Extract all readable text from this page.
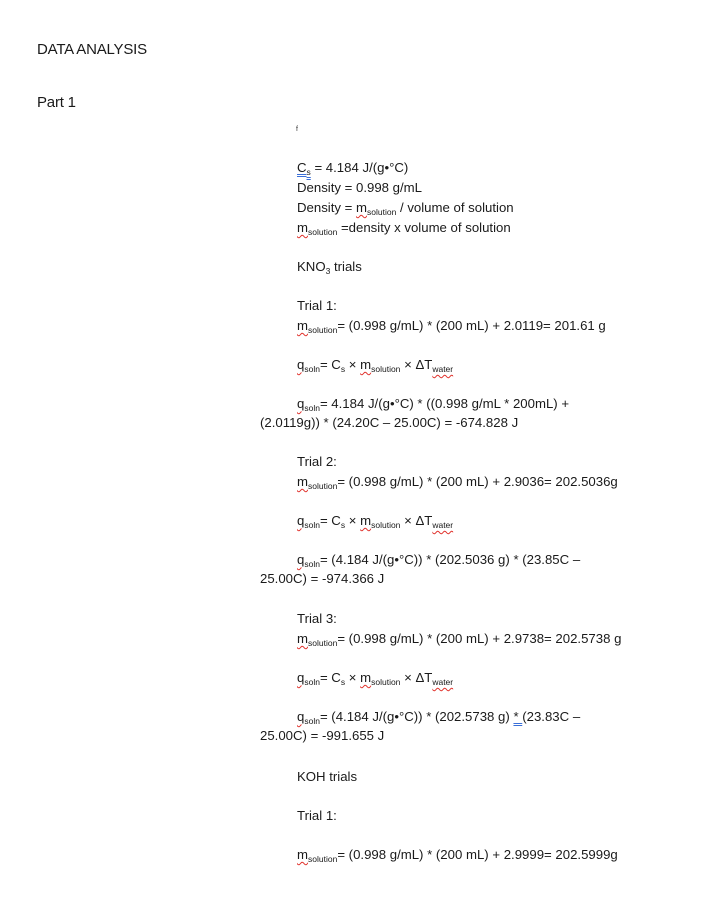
DATA ANALYSIS
Part 1
f
$C_s = 4.184$ J/(g•°C)
Density = 0.998 g/mL
Density = $m_{solution}$ / volume of solution
$m_{solution}$ =density x volume of solution
$KNO_3$ trials
Trial 1:
$m_{solution}= (0.998$ g/mL) * (200 mL) + 2.0119= 201.61 g
$q_{soln}= C_s \times m_{solution} \times \Delta T_{water}$
$q_{soln}= 4.184$ J/(g•°C) * ((0.998 g/mL * 200mL) +
(2.0119g)) * (24.20C – 25.00C) = -674.828 J
Trial 2:
$m_{solution}= (0.998$ g/mL) * (200 mL) + 2.9036= 202.5036g
$q_{soln}= C_s \times m_{solution} \times \Delta T_{water}$
$q_{soln}= (4.184$ J/(g•°C)) * (202.5036 g) * (23.85C –
25.00C) = -974.366 J
Trial 3:
$m_{solution}= (0.998$ g/mL) * (200 mL) + 2.9738= 202.5738 g
$q_{soln}= C_s \times m_{solution} \times \Delta T_{water}$
$q_{soln}= (4.184$ J/(g•°C)) * (202.5738 g) * (23.83C –
25.00C) = -991.655 J
KOH trials
Trial 1:
$m_{solution}= (0.998$ g/mL) * (200 mL) + 2.9999= 202.5999g
